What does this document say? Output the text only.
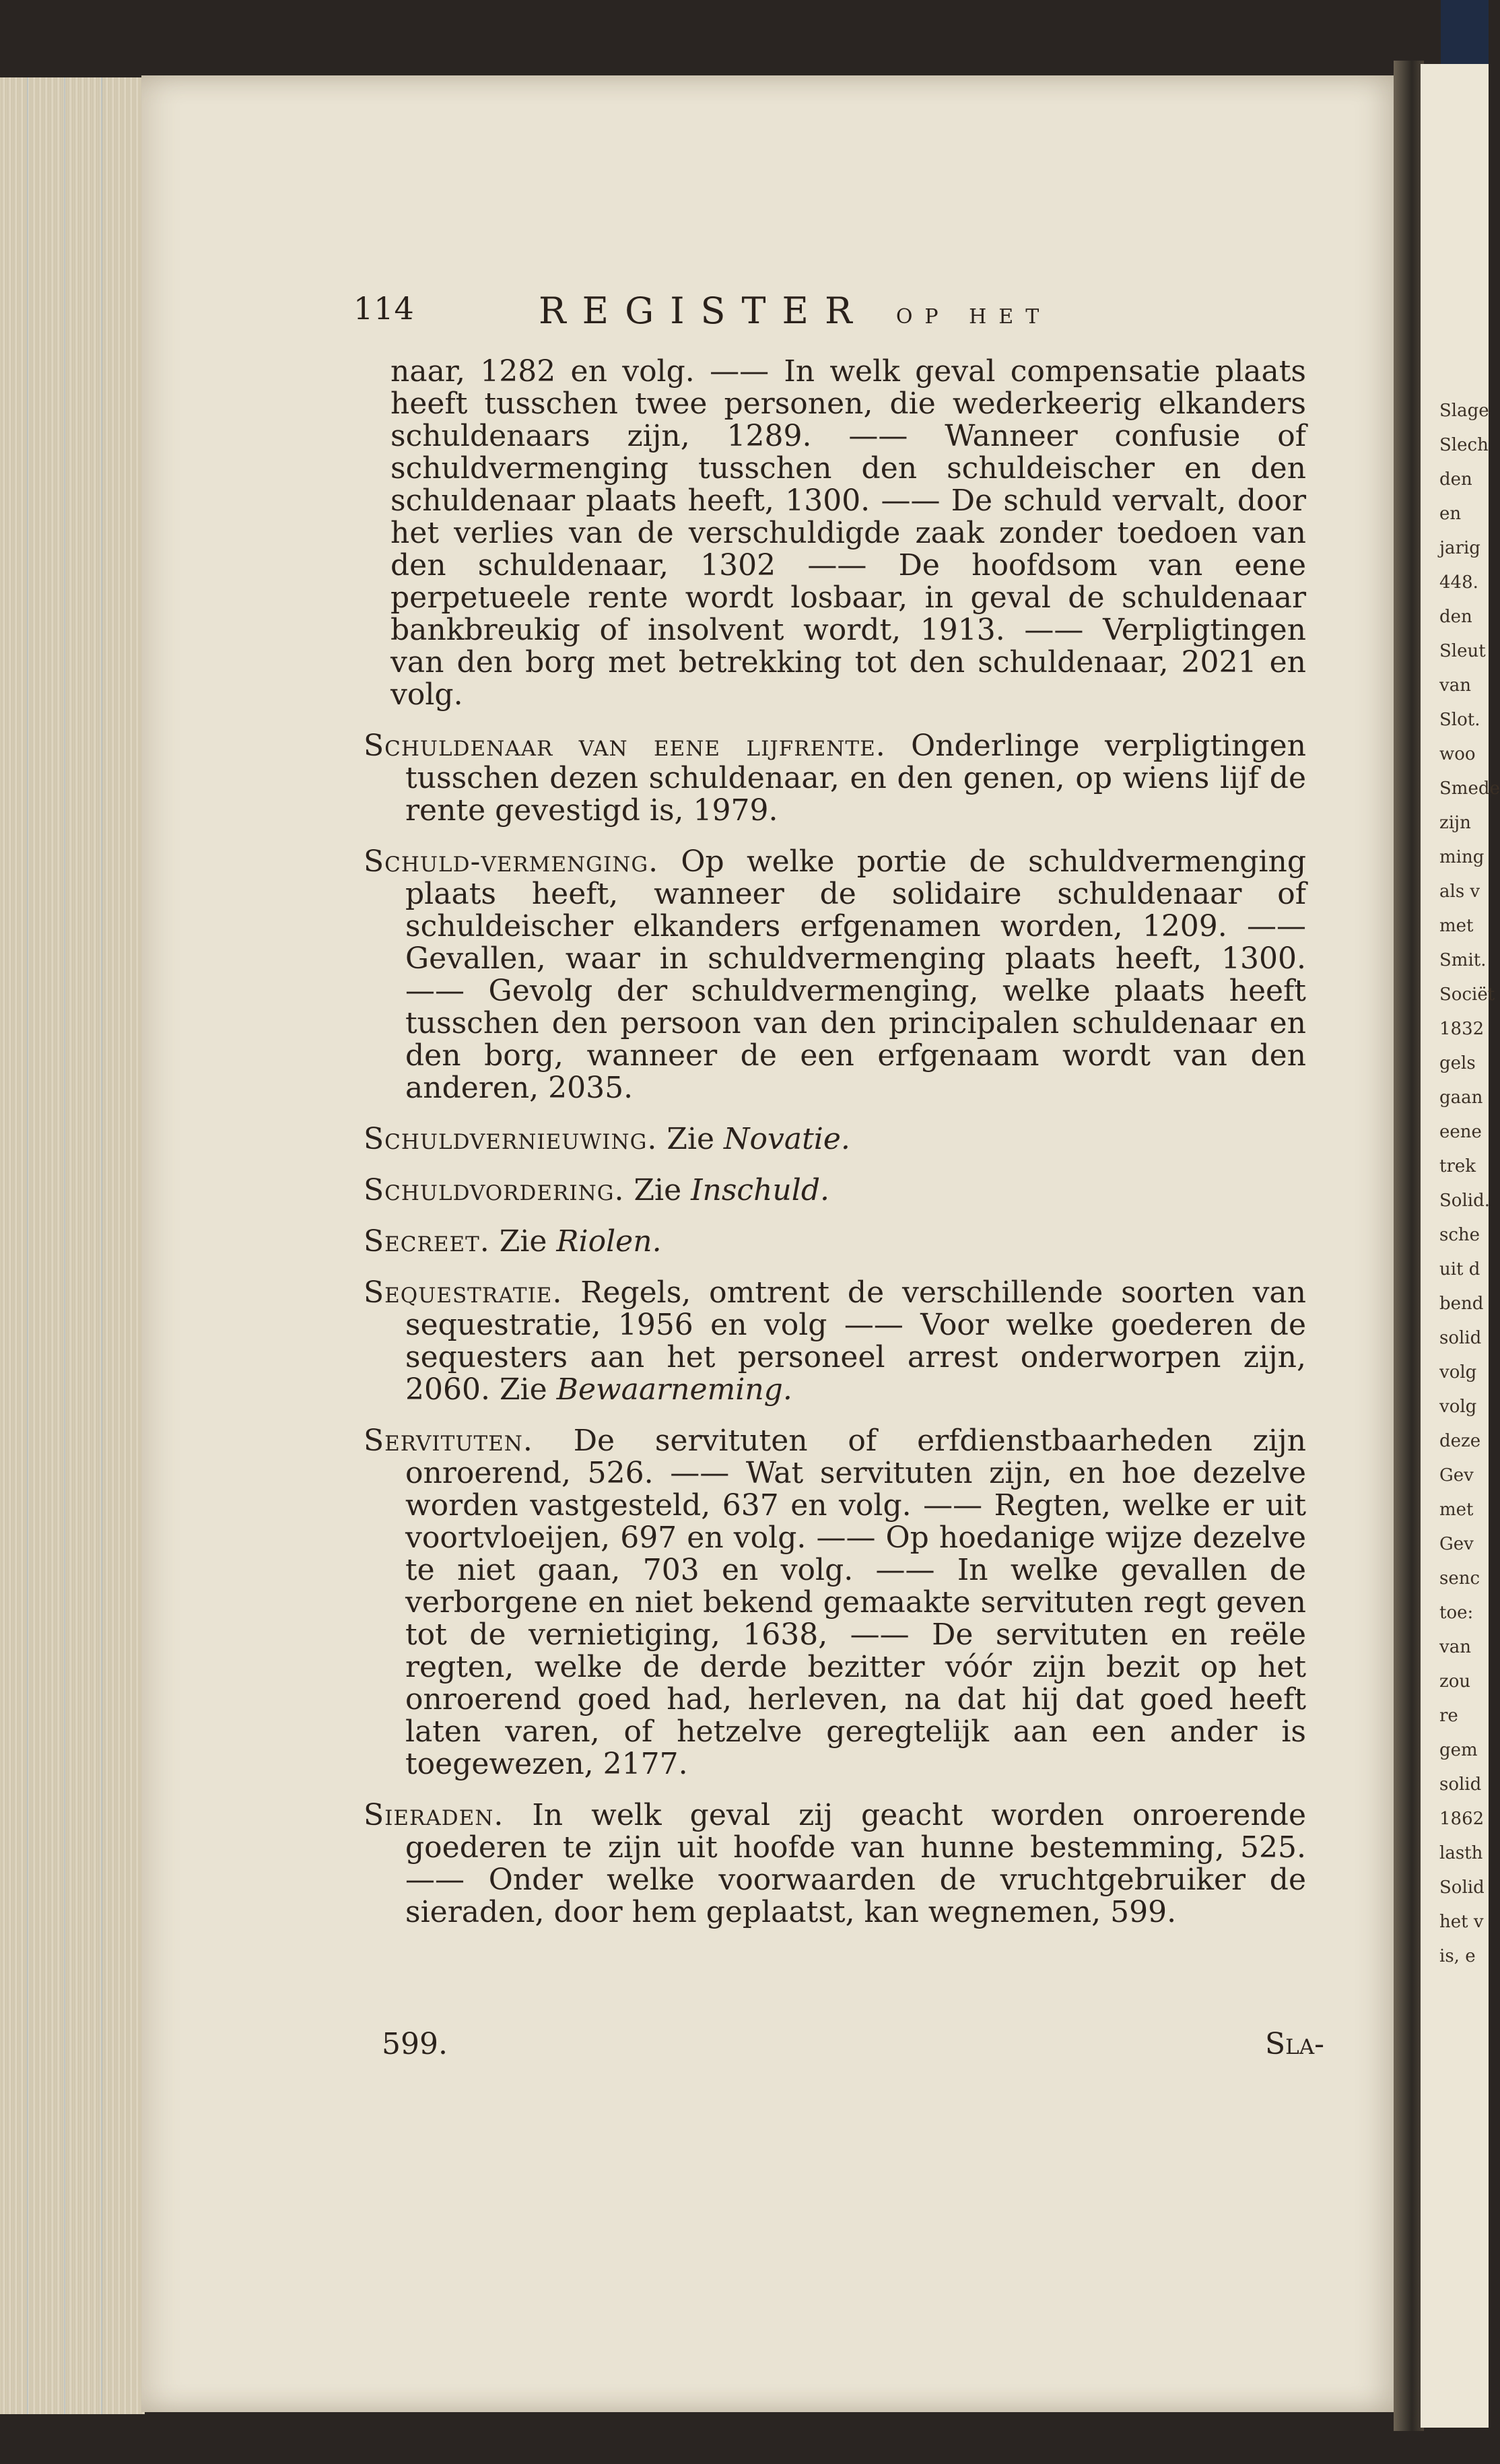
114	REGISTER OP HET

naar, 1282 en volg. —— In welk geval compensatie plaats heeft tusschen twee personen, die wederkeerig elkanders schuldenaars zijn, 1289. —— Wanneer confusie of schuldvermenging tusschen den schuldeischer en den schuldenaar plaats heeft, 1300. —— De schuld vervalt, door het verlies van de verschuldigde zaak zonder toedoen van den schuldenaar, 1302 —— De hoofdsom van eene perpetueele rente wordt losbaar, in geval de schuldenaar bankbreukig of insolvent wordt, 1913. —— Verpligtingen van den borg met betrekking tot den schuldenaar, 2021 en volg.

Schuldenaar van eene lijfrente. Onderlinge verpligtingen tusschen dezen schuldenaar, en den genen, op wiens lijf de rente gevestigd is, 1979.

Schuld-vermenging. Op welke portie de schuldvermenging plaats heeft, wanneer de solidaire schuldenaar of schuldeischer elkanders erfgenamen worden, 1209. —— Gevallen, waar in schuldvermenging plaats heeft, 1300. —— Gevolg der schuldvermenging, welke plaats heeft tusschen den persoon van den principalen schuldenaar en den borg, wanneer de een erfgenaam wordt van den anderen, 2035.

Schuldvernieuwing. Zie Novatie.

Schuldvordering. Zie Inschuld.

Secreet. Zie Riolen.

Sequestratie. Regels, omtrent de verschillende soorten van sequestratie, 1956 en volg —— Voor welke goederen de sequesters aan het personeel arrest onderworpen zijn, 2060. Zie Bewaarneming.

Servituten. De servituten of erfdienstbaarheden zijn onroerend, 526. —— Wat servituten zijn, en hoe dezelve worden vastgesteld, 637 en volg. —— Regten, welke er uit voortvloeijen, 697 en volg. —— Op hoedanige wijze dezelve te niet gaan, 703 en volg. —— In welke gevallen de verborgene en niet bekend gemaakte servituten regt geven tot de vernietiging, 1638, —— De servituten en reële regten, welke de derde bezitter vóór zijn bezit op het onroerend goed had, herleven, na dat hij dat goed heeft laten varen, of hetzelve geregtelijk aan een ander is toegewezen, 2177.

Sieraden. In welk geval zij geacht worden onroerende goederen te zijn uit hoofde van hunne bestemming, 525. —— Onder welke voorwaarden de vruchtgebruiker de sieraden, door hem geplaatst, kan wegnemen, 599.

599.	Sla-
Slage
Slech
den
en
jarig
448.
den
Sleut
van
Slot.
woo
Smede
zijn
ming
als v
met
Smit.
Sociët
1832
gels
gaan
eene
trek
Solid.
sche
uit d
bend
solid
volg
volg
deze
Gev
met
Gev
senc
toe:
van
zou
re
gem
solid
1862
lasth
Solid
het v
is, e
